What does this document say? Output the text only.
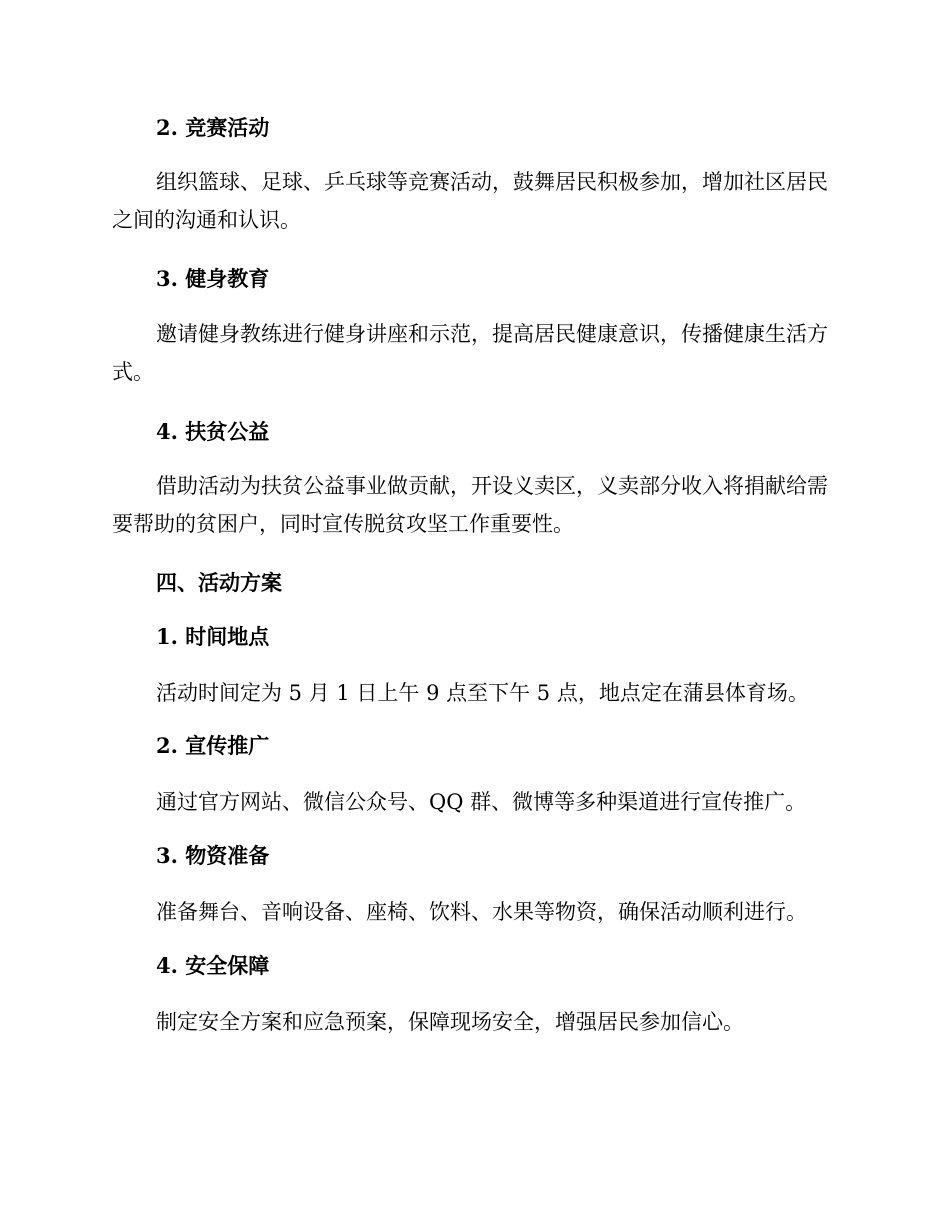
2. 竞赛活动

组织篮球、足球、乒乓球等竞赛活动，鼓舞居民积极参加，增加社区居民之间的沟通和认识。

3. 健身教育

邀请健身教练进行健身讲座和示范，提高居民健康意识，传播健康生活方式。

4. 扶贫公益

借助活动为扶贫公益事业做贡献，开设义卖区，义卖部分收入将捐献给需要帮助的贫困户，同时宣传脱贫攻坚工作重要性。

四、活动方案
1. 时间地点

活动时间定为 5 月 1 日上午 9 点至下午 5 点，地点定在蒲县体育场。

2. 宣传推广

通过官方网站、微信公众号、QQ 群、微博等多种渠道进行宣传推广。

3. 物资准备

准备舞台、音响设备、座椅、饮料、水果等物资，确保活动顺利进行。

4. 安全保障

制定安全方案和应急预案，保障现场安全，增强居民参加信心。
